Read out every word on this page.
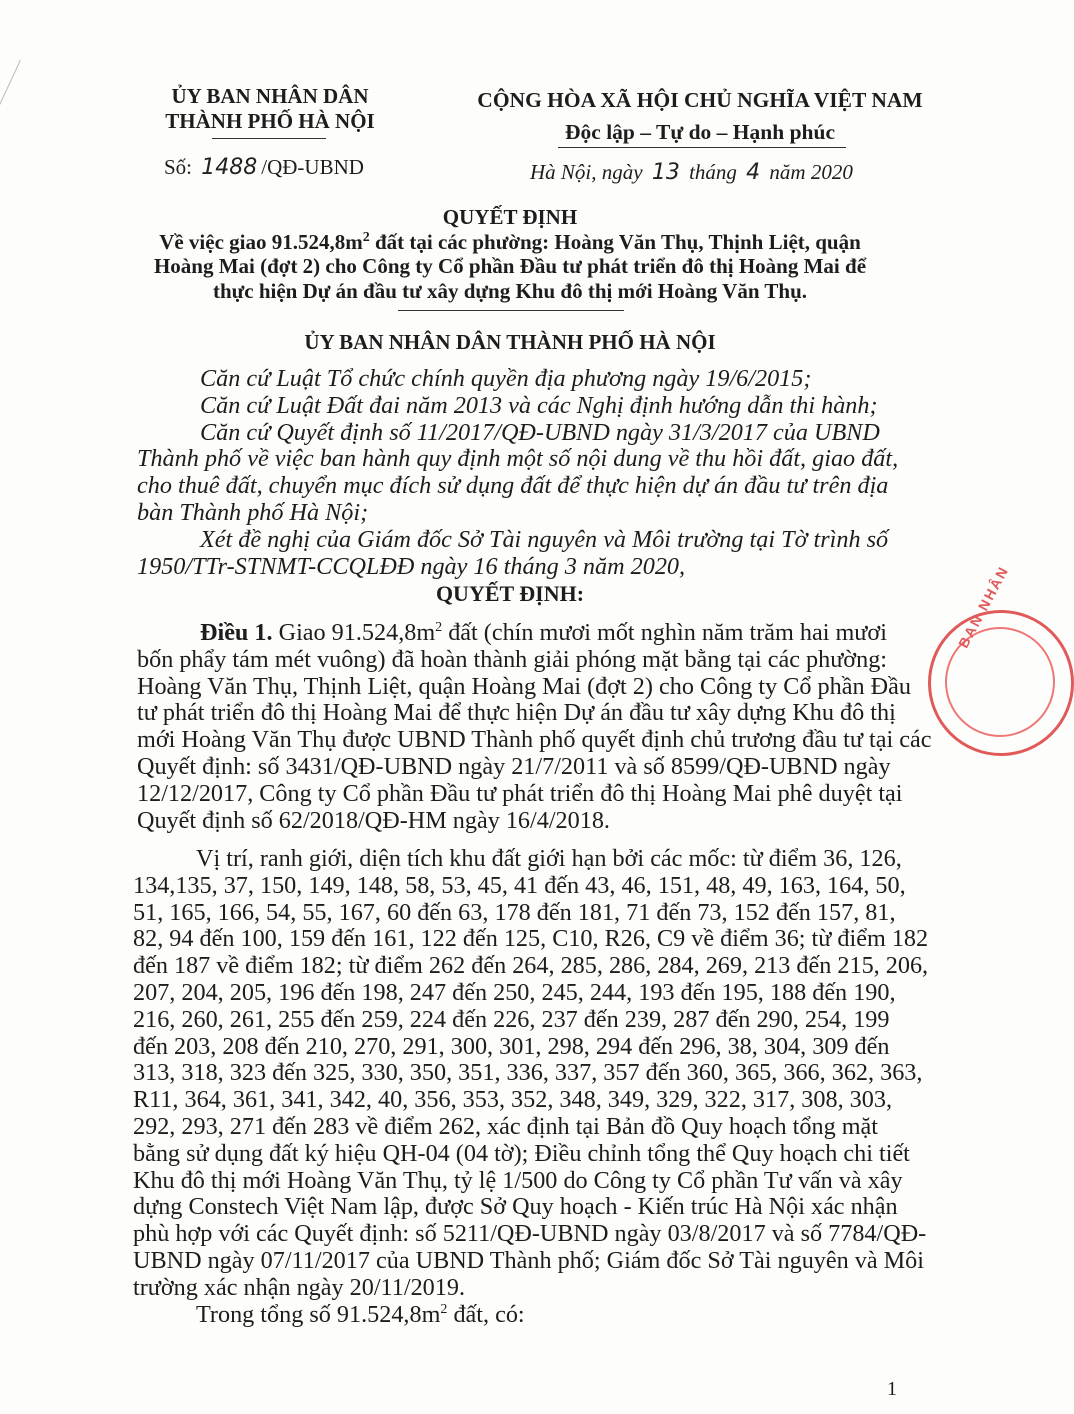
ỦY BAN NHÂN DÂN
THÀNH PHỐ HÀ NỘI
CỘNG HÒA XÃ HỘI CHỦ NGHĨA VIỆT NAM
Độc lập – Tự do – Hạnh phúc
Số: 1488 /QĐ-UBND	Hà Nội, ngày 13 tháng 4 năm 2020
QUYẾT ĐỊNH
Về việc giao $91.524,8m^2$ đất tại các phường: Hoàng Văn Thụ, Thịnh Liệt, quận
Hoàng Mai (đợt 2) cho Công ty Cổ phần Đầu tư phát triển đô thị Hoàng Mai để
thực hiện Dự án đầu tư xây dựng Khu đô thị mới Hoàng Văn Thụ.
ỦY BAN NHÂN DÂN THÀNH PHỐ HÀ NỘI
Căn cứ Luật Tổ chức chính quyền địa phương ngày 19/6/2015;
Căn cứ Luật Đất đai năm 2013 và các Nghị định hướng dẫn thi hành;
Căn cứ Quyết định số 11/2017/QĐ-UBND ngày 31/3/2017 của UBND
Thành phố về việc ban hành quy định một số nội dung về thu hồi đất, giao đất,
cho thuê đất, chuyển mục đích sử dụng đất để thực hiện dự án đầu tư trên địa
bàn Thành phố Hà Nội;
Xét đề nghị của Giám đốc Sở Tài nguyên và Môi trường tại Tờ trình số
1950/TTr-STNMT-CCQLĐĐ ngày 16 tháng 3 năm 2020,
QUYẾT ĐỊNH:
Điều 1. Giao $91.524,8m^2$ đất (chín mươi mốt nghìn năm trăm hai mươi
bốn phẩy tám mét vuông) đã hoàn thành giải phóng mặt bằng tại các phường:
Hoàng Văn Thụ, Thịnh Liệt, quận Hoàng Mai (đợt 2) cho Công ty Cổ phần Đầu
tư phát triển đô thị Hoàng Mai để thực hiện Dự án đầu tư xây dựng Khu đô thị
mới Hoàng Văn Thụ được UBND Thành phố quyết định chủ trương đầu tư tại các
Quyết định: số 3431/QĐ-UBND ngày 21/7/2011 và số 8599/QĐ-UBND ngày
12/12/2017, Công ty Cổ phần Đầu tư phát triển đô thị Hoàng Mai phê duyệt tại
Quyết định số 62/2018/QĐ-HM ngày 16/4/2018.
Vị trí, ranh giới, diện tích khu đất giới hạn bởi các mốc: từ điểm 36, 126,
134,135, 37, 150, 149, 148, 58, 53, 45, 41 đến 43, 46, 151, 48, 49, 163, 164, 50,
51, 165, 166, 54, 55, 167, 60 đến 63, 178 đến 181, 71 đến 73, 152 đến 157, 81,
82, 94 đến 100, 159 đến 161, 122 đến 125, C10, R26, C9 về điểm 36; từ điểm 182
đến 187 về điểm 182; từ điểm 262 đến 264, 285, 286, 284, 269, 213 đến 215, 206,
207, 204, 205, 196 đến 198, 247 đến 250, 245, 244, 193 đến 195, 188 đến 190,
216, 260, 261, 255 đến 259, 224 đến 226, 237 đến 239, 287 đến 290, 254, 199
đến 203, 208 đến 210, 270, 291, 300, 301, 298, 294 đến 296, 38, 304, 309 đến
313, 318, 323 đến 325, 330, 350, 351, 336, 337, 357 đến 360, 365, 366, 362, 363,
R11, 364, 361, 341, 342, 40, 356, 353, 352, 348, 349, 329, 322, 317, 308, 303,
292, 293, 271 đến 283 về điểm 262, xác định tại Bản đồ Quy hoạch tổng mặt
bằng sử dụng đất ký hiệu QH-04 (04 tờ); Điều chỉnh tổng thể Quy hoạch chi tiết
Khu đô thị mới Hoàng Văn Thụ, tỷ lệ 1/500 do Công ty Cổ phần Tư vấn và xây
dựng Constech Việt Nam lập, được Sở Quy hoạch - Kiến trúc Hà Nội xác nhận
phù hợp với các Quyết định: số 5211/QĐ-UBND ngày 03/8/2017 và số 7784/QĐ-
UBND ngày 07/11/2017 của UBND Thành phố; Giám đốc Sở Tài nguyên và Môi
trường xác nhận ngày 20/11/2019.
Trong tổng số $91.524,8m^2$ đất, có:
BAN NHÂN
1
